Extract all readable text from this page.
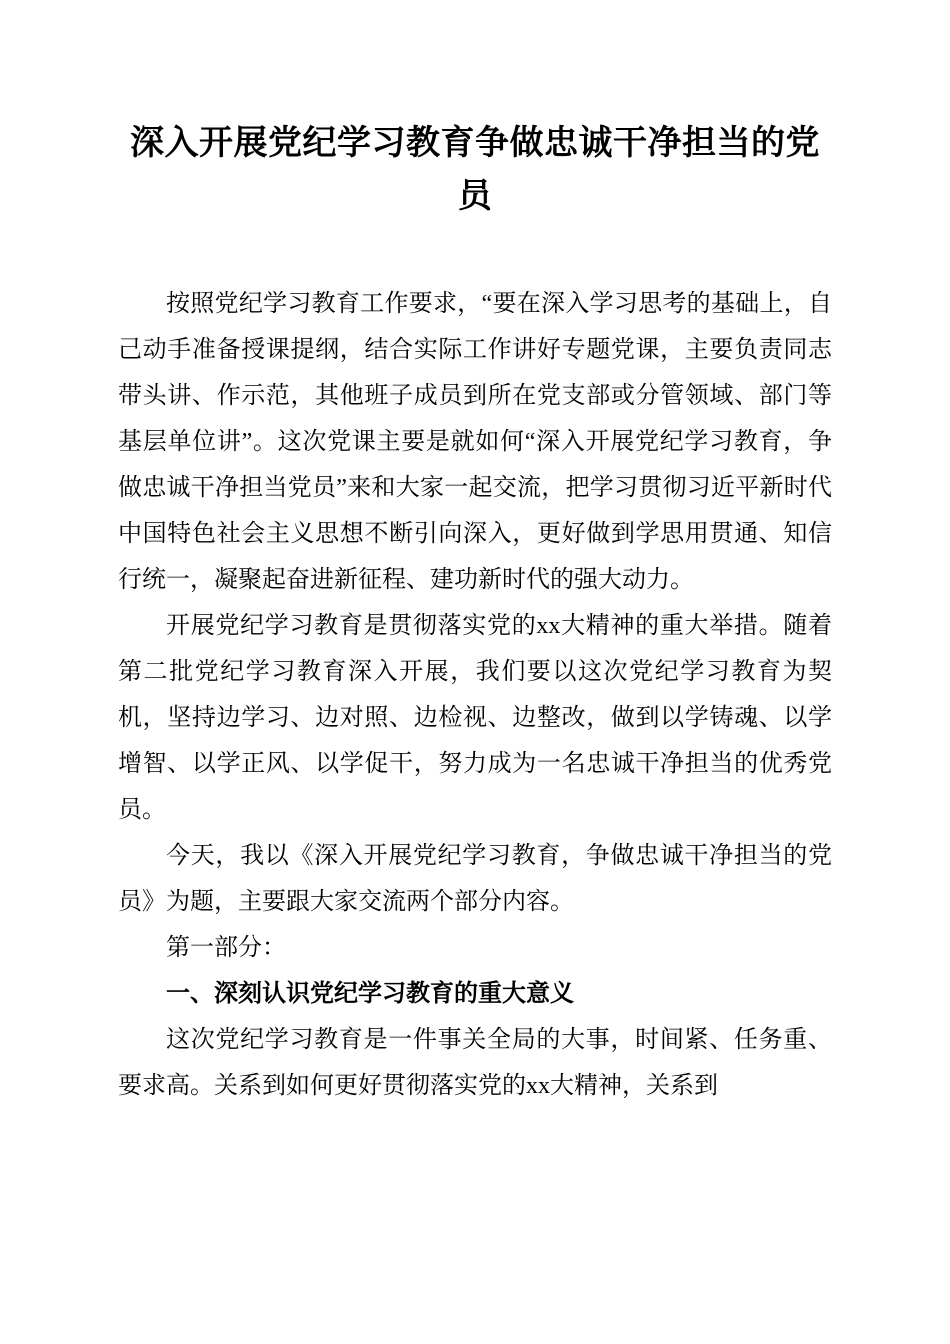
深入开展党纪学习教育争做忠诚干净担当的党员

按照党纪学习教育工作要求，“要在深入学习思考的基础上，自己动手准备授课提纲，结合实际工作讲好专题党课，主要负责同志带头讲、作示范，其他班子成员到所在党支部或分管领域、部门等基层单位讲”。这次党课主要是就如何“深入开展党纪学习教育，争做忠诚干净担当党员”来和大家一起交流，把学习贯彻习近平新时代中国特色社会主义思想不断引向深入，更好做到学思用贯通、知信行统一，凝聚起奋进新征程、建功新时代的强大动力。

开展党纪学习教育是贯彻落实党的xx大精神的重大举措。随着第二批党纪学习教育深入开展，我们要以这次党纪学习教育为契机，坚持边学习、边对照、边检视、边整改，做到以学铸魂、以学增智、以学正风、以学促干，努力成为一名忠诚干净担当的优秀党员。

今天，我以《深入开展党纪学习教育，争做忠诚干净担当的党员》为题，主要跟大家交流两个部分内容。

第一部分：

一、深刻认识党纪学习教育的重大意义

这次党纪学习教育是一件事关全局的大事，时间紧、任务重、要求高。关系到如何更好贯彻落实党的xx大精神，关系到
